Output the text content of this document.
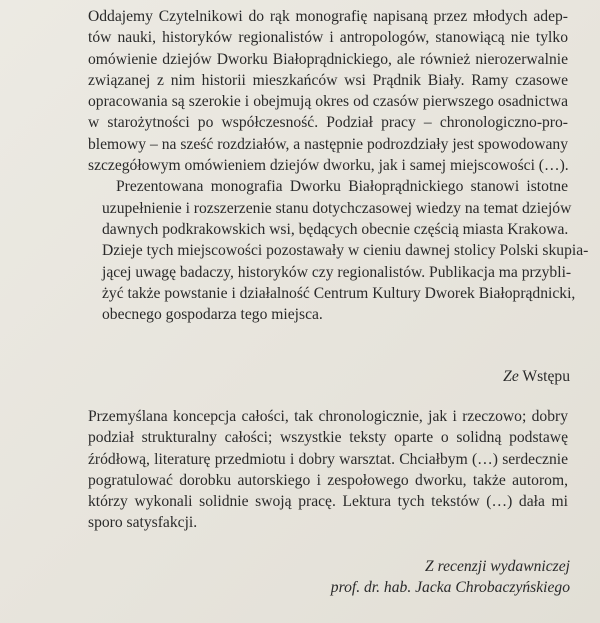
Oddajemy Czytelnikowi do rąk monografię napisaną przez młodych adep-
tów nauki, historyków regionalistów i antropologów, stanowiącą nie tylko
omówienie dziejów Dworku Białoprądnickiego, ale również nierozerwalnie
związanej z nim historii mieszkańców wsi Prądnik Biały. Ramy czasowe
opracowania są szerokie i obejmują okres od czasów pierwszego osadnictwa
w starożytności po współczesność. Podział pracy – chronologiczno-pro-
blemowy – na sześć rozdziałów, a następnie podrozdziały jest spowodowany
szczegółowym omówieniem dziejów dworku, jak i samej miejscowości (…).

Prezentowana monografia Dworku Białoprądnickiego stanowi istotne
uzupełnienie i rozszerzenie stanu dotychczasowej wiedzy na temat dziejów
dawnych podkrakowskich wsi, będących obecnie częścią miasta Krakowa.
Dzieje tych miejscowości pozostawały w cieniu dawnej stolicy Polski skupia-
jącej uwagę badaczy, historyków czy regionalistów. Publikacja ma przybli-
żyć także powstanie i działalność Centrum Kultury Dworek Białoprądnicki,
obecnego gospodarza tego miejsca.

Ze Wstępu

Przemyślana koncepcja całości, tak chronologicznie, jak i rzeczowo; dobry
podział strukturalny całości; wszystkie teksty oparte o solidną podstawę
źródłową, literaturę przedmiotu i dobry warsztat. Chciałbym (…) serdecznie
pogratulować dorobku autorskiego i zespołowego dworku, także autorom,
którzy wykonali solidnie swoją pracę. Lektura tych tekstów (…) dała mi
sporo satysfakcji.

Z recenzji wydawniczej
prof. dr. hab. Jacka Chrobaczyńskiego
